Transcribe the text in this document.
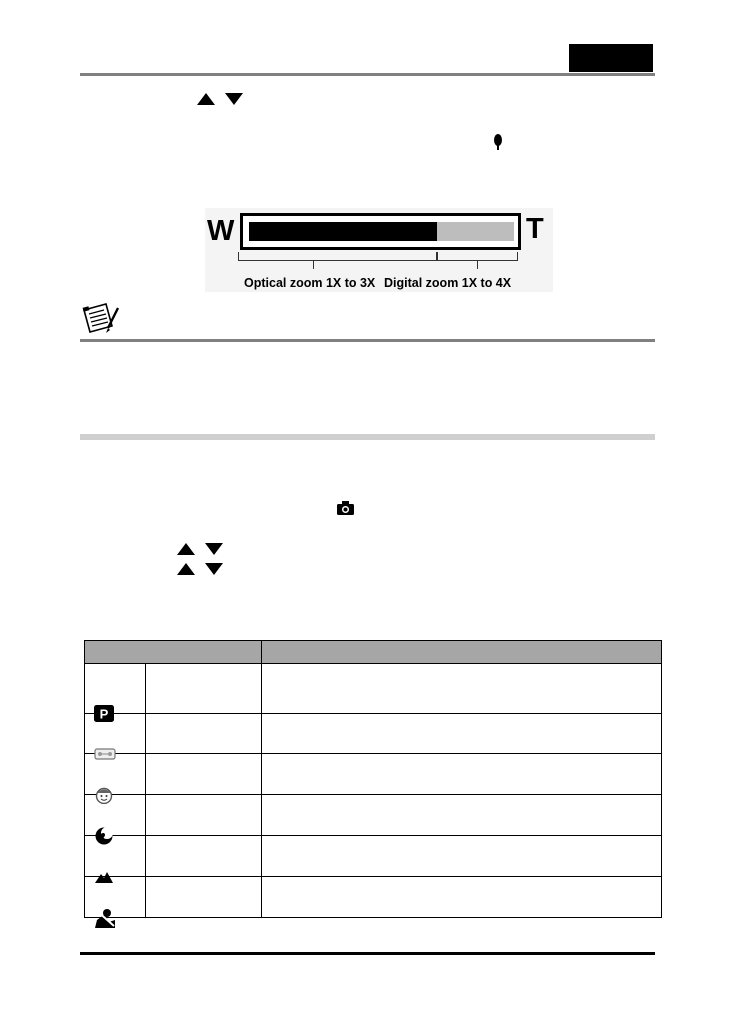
W	T
Optical zoom 1X to 3X Digital zoom 1X to 4X

P		
